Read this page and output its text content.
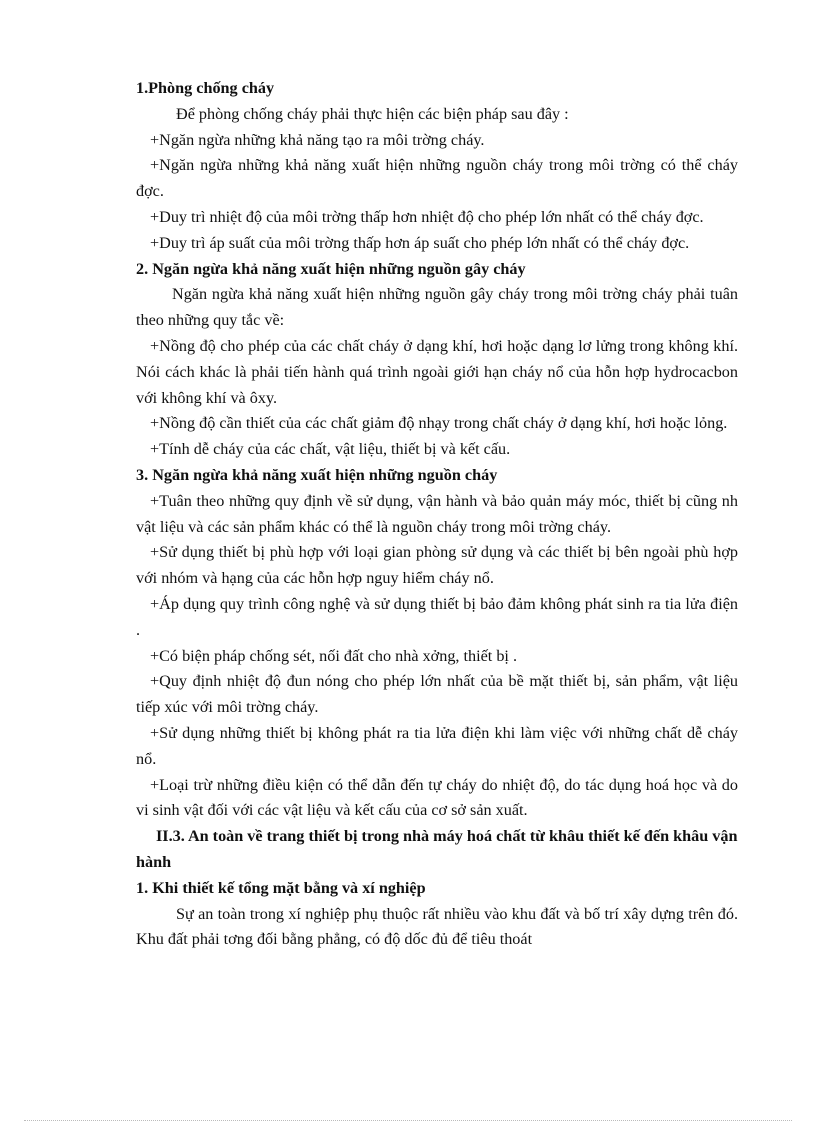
1.Phòng chống cháy

Để phòng chống cháy phải thực hiện các biện pháp sau đây :

+Ngăn ngừa những khả năng tạo ra môi trờng cháy.

+Ngăn ngừa những khả năng xuất hiện những nguồn cháy trong môi trờng có thể cháy đợc.

+Duy trì nhiệt độ của môi trờng thấp hơn nhiệt độ cho phép lớn nhất có thể cháy đợc.

+Duy trì áp suất của môi trờng thấp hơn áp suất cho phép lớn nhất có thể cháy đợc.

2. Ngăn ngừa khả năng xuất hiện những nguồn gây cháy

Ngăn ngừa khả năng xuất hiện những nguồn gây cháy trong môi trờng cháy phải tuân theo những quy tắc về:

+Nồng độ cho phép của các chất cháy ở dạng khí, hơi hoặc dạng lơ lửng trong không khí. Nói cách khác là phải tiến hành quá trình ngoài giới hạn cháy nổ của hỗn hợp hydrocacbon với không khí và ôxy.

+Nồng độ cần thiết của các chất giảm độ nhạy trong chất cháy ở dạng khí, hơi hoặc lỏng.

+Tính dễ cháy của các chất, vật liệu, thiết bị và kết cấu.

3. Ngăn ngừa khả năng xuất hiện những nguồn cháy

+Tuân theo những quy định về sử dụng, vận hành và bảo quản máy móc, thiết bị cũng nh vật liệu và các sản phẩm khác có thể là nguồn cháy trong môi trờng cháy.

+Sử dụng thiết bị phù hợp với loại gian phòng sử dụng và các thiết bị bên ngoài phù hợp với nhóm và hạng của các hỗn hợp nguy hiểm cháy nổ.

+Áp dụng quy trình công nghệ và sử dụng thiết bị bảo đảm không phát sinh ra tia lửa điện .

+Có biện pháp chống sét, nối đất cho nhà xởng, thiết bị .

+Quy định nhiệt độ đun nóng cho phép lớn nhất của bề mặt thiết bị, sản phẩm, vật liệu tiếp xúc với môi trờng cháy.

+Sử dụng những thiết bị không phát ra tia lửa điện khi làm việc với những chất dễ cháy nổ.

+Loại trừ những điều kiện có thể dẫn đến tự cháy do nhiệt độ, do tác dụng hoá học và do vi sinh vật đối với các vật liệu và kết cấu của cơ sở sản xuất.

II.3. An toàn về trang thiết bị trong nhà máy hoá chất từ khâu thiết kế đến khâu vận hành

1. Khi thiết kế tổng mặt bằng và xí nghiệp

Sự an toàn trong xí nghiệp phụ thuộc rất nhiều vào khu đất và bố trí xây dựng trên đó. Khu đất phải tơng đối bằng phẳng, có độ dốc đủ để tiêu thoát
